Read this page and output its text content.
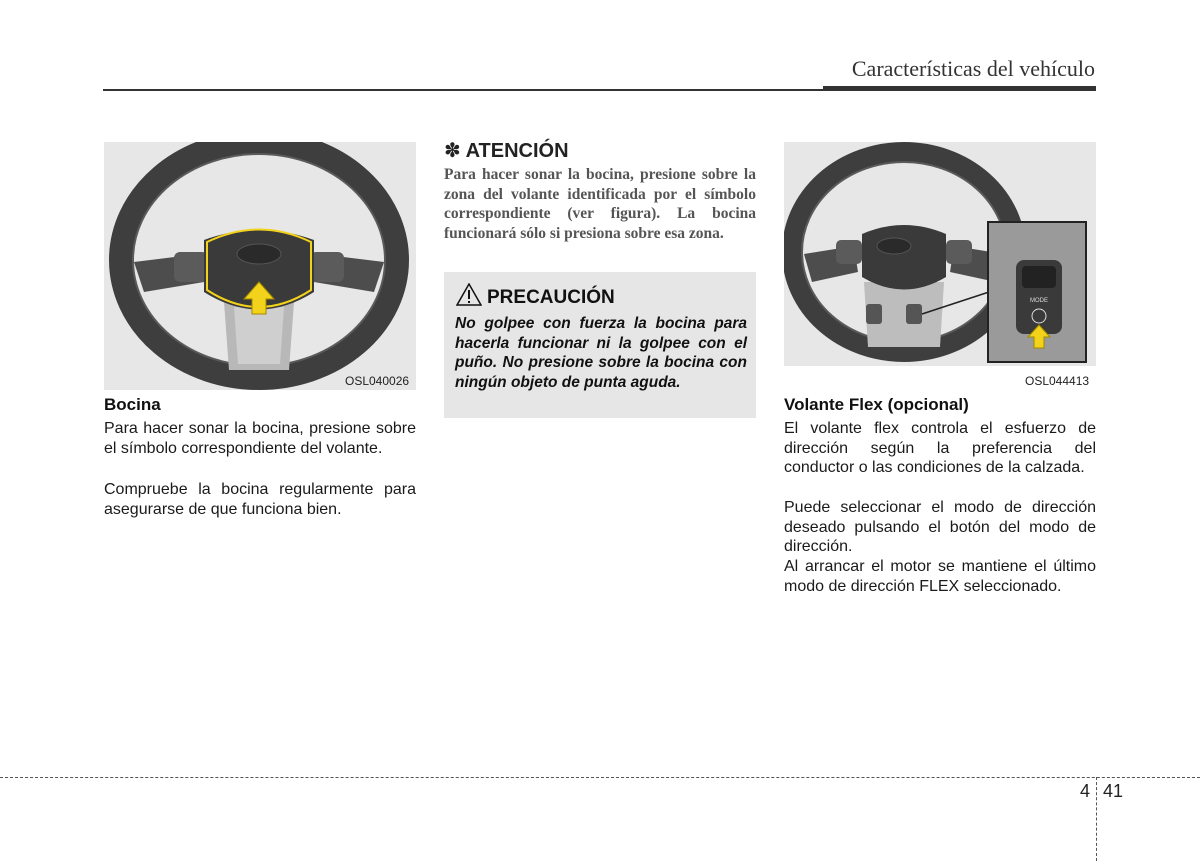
Características del vehículo
OSL040026
Bocina

Para hacer sonar la bocina, presione sobre el símbolo correspondiente del volante.

Compruebe la bocina regularmente para asegurarse de que funciona bien.

✽ ATENCIÓN

Para hacer sonar la bocina, presione sobre la zona del volante identificada por el símbolo correspondiente (ver figura). La bocina funcionará sólo si presiona sobre esa zona.

PRECAUCIÓN

No golpee con fuerza la bocina para hacerla funcionar ni la golpee con el puño. No presione sobre la bocina con ningún objeto de punta aguda.

MODE
OSL044413
Volante Flex (opcional)

El volante flex controla el esfuerzo de dirección según la preferencia del conductor o las condiciones de la calzada.

Puede seleccionar el modo de dirección deseado pulsando el botón del modo de dirección.

Al arrancar el motor se mantiene el último modo de dirección FLEX seleccionado.

4 41
